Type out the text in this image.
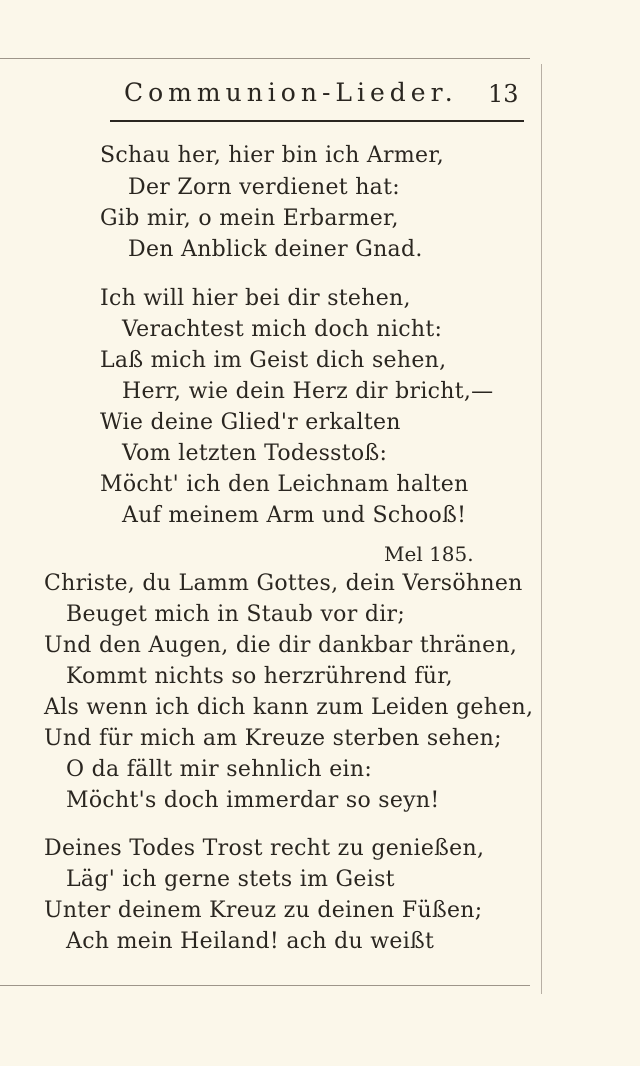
Communion-Lieder. 13
Schau her, hier bin ich Armer,
Der Zorn verdienet hat:
Gib mir, o mein Erbarmer,
Den Anblick deiner Gnad.
Ich will hier bei dir stehen,
Verachtest mich doch nicht:
Laß mich im Geist dich sehen,
Herr, wie dein Herz dir bricht,—
Wie deine Glied'r erkalten
Vom letzten Todesstoß:
Möcht' ich den Leichnam halten
Auf meinem Arm und Schooß!
Mel 185.
Christe, du Lamm Gottes, dein Versöhnen
Beuget mich in Staub vor dir;
Und den Augen, die dir dankbar thränen,
Kommt nichts so herzrührend für,
Als wenn ich dich kann zum Leiden gehen,
Und für mich am Kreuze sterben sehen;
O da fällt mir sehnlich ein:
Möcht's doch immerdar so seyn!
Deines Todes Trost recht zu genießen,
Läg' ich gerne stets im Geist
Unter deinem Kreuz zu deinen Füßen;
Ach mein Heiland! ach du weißt
